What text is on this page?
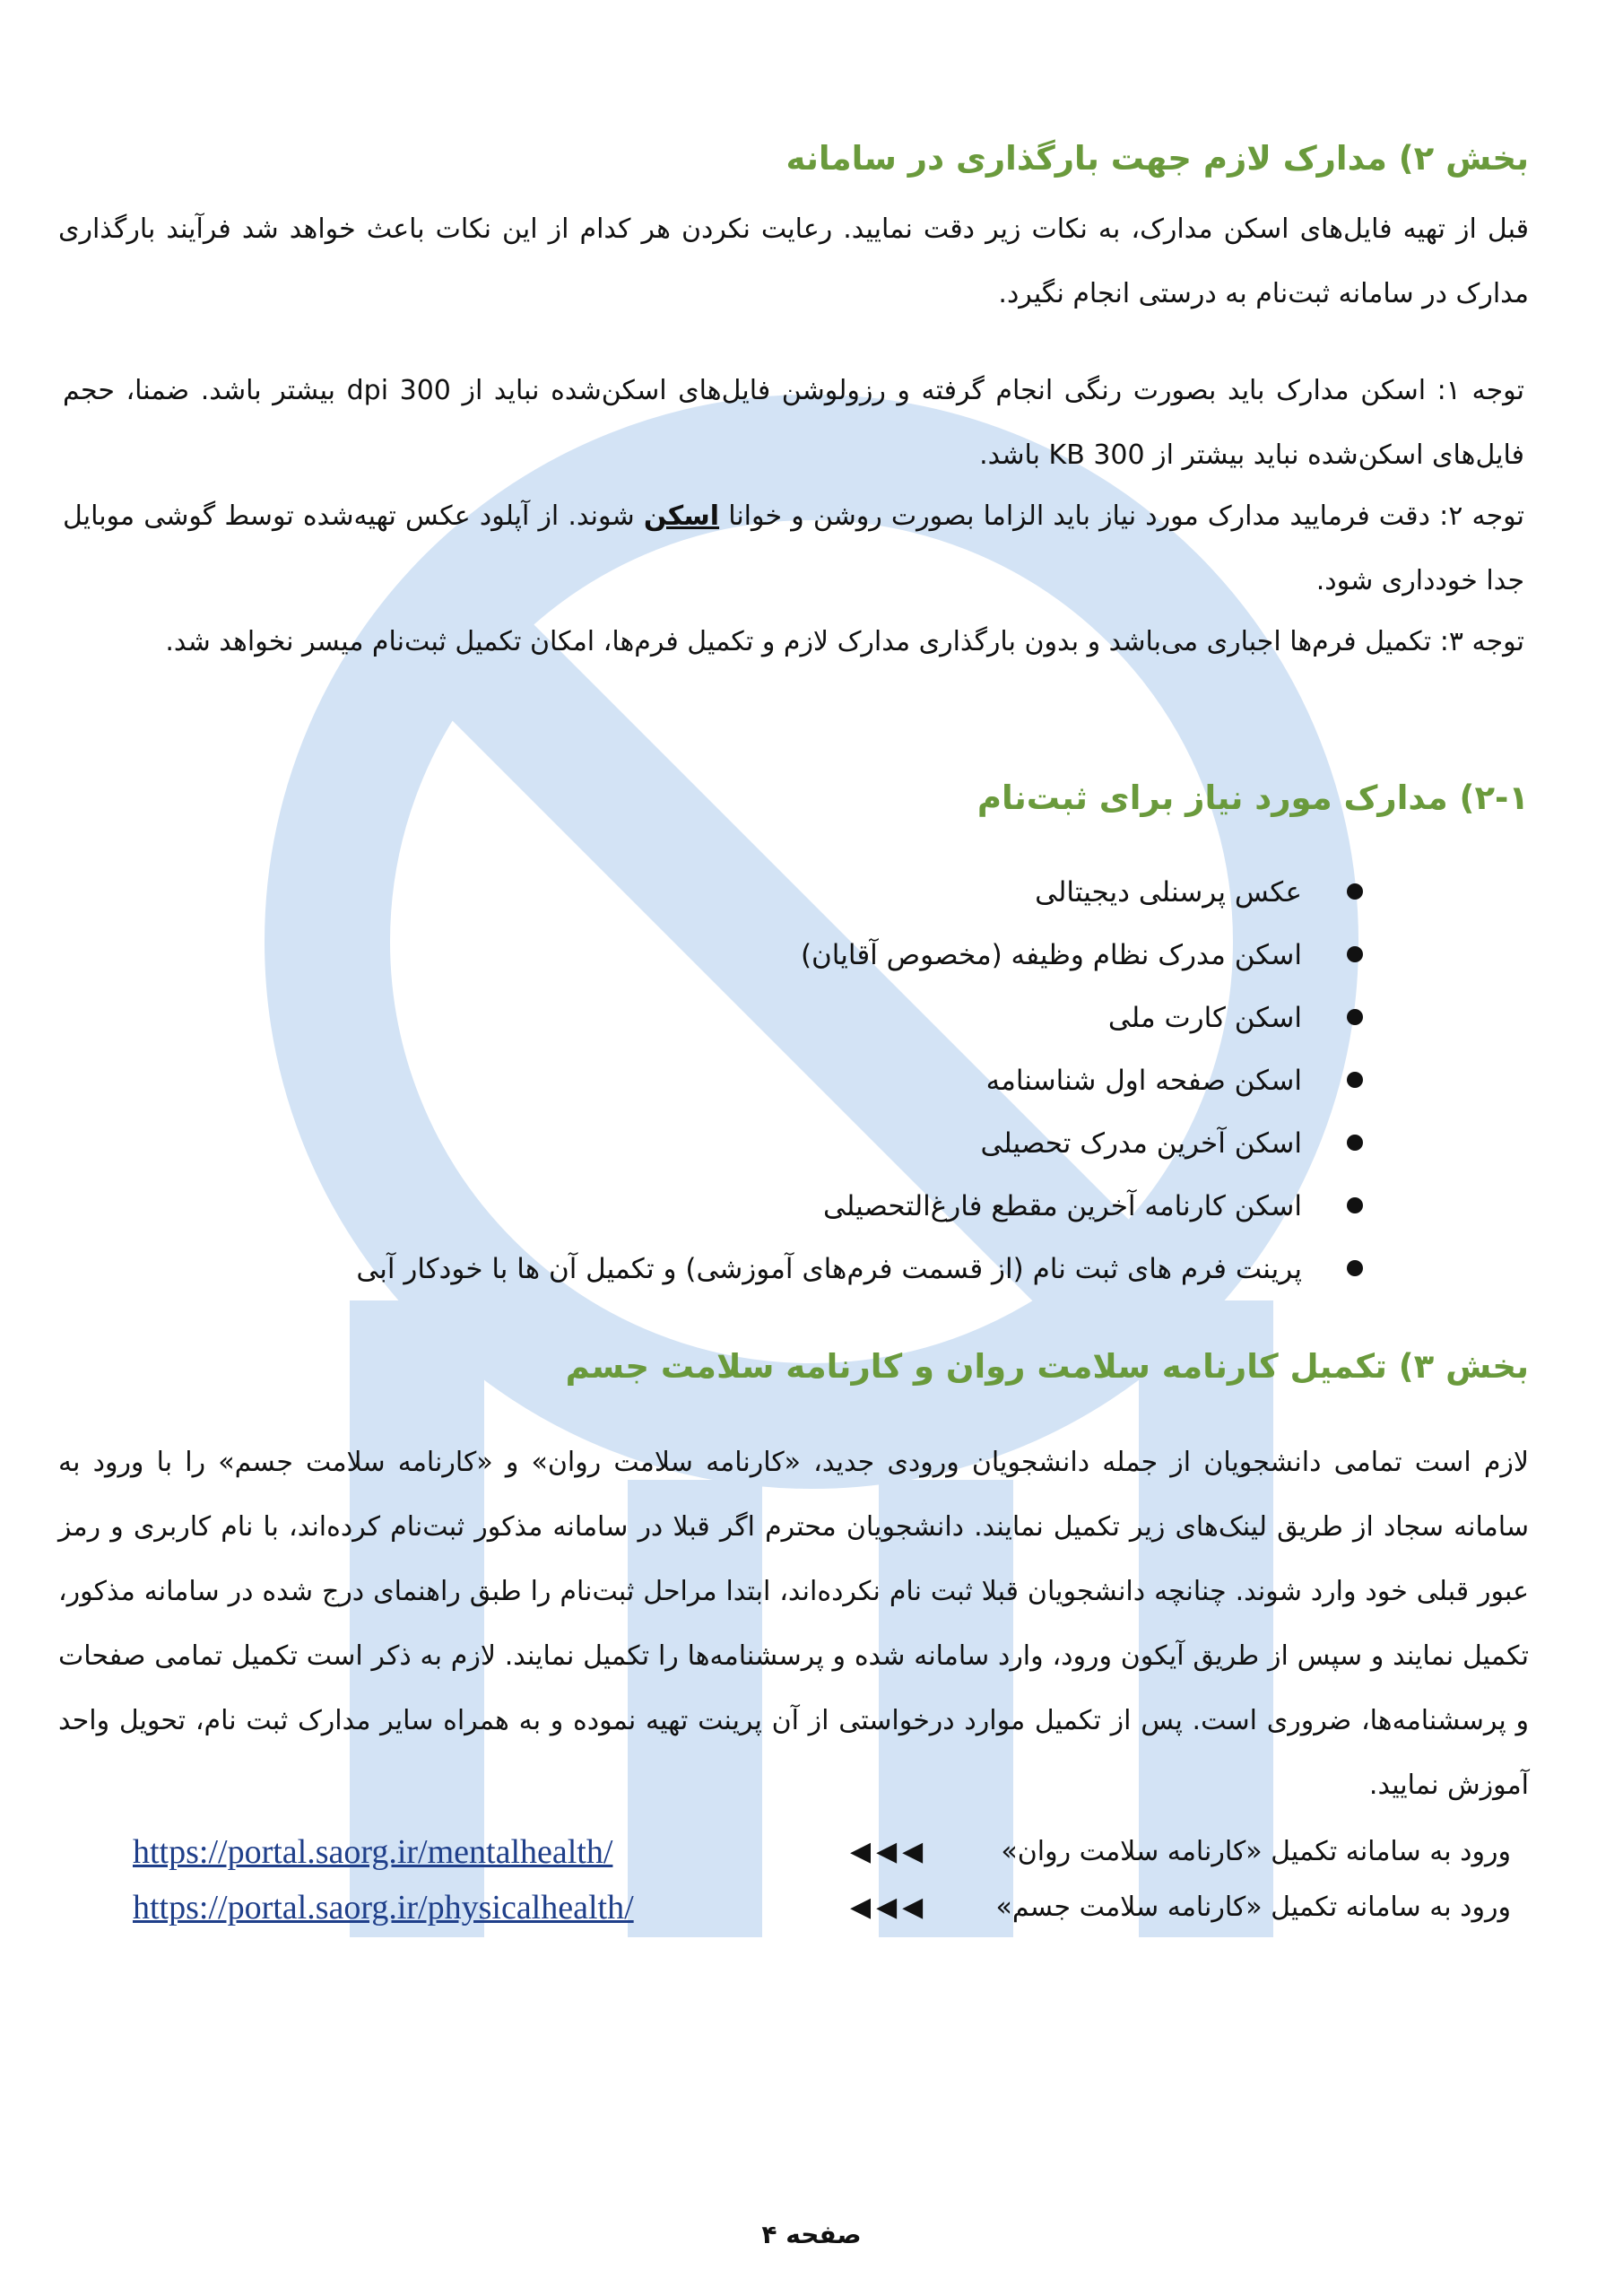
بخش ۲) مدارک لازم جهت بارگذاری در سامانه
قبل از تهیه فایل‌های اسکن مدارک، به نکات زیر دقت نمایید. رعایت نکردن هر کدام از این نکات باعث خواهد شد فرآیند بارگذاری مدارک در سامانه ثبت‌نام به درستی انجام نگیرد.
توجه ۱: اسکن مدارک باید بصورت رنگی انجام گرفته و رزولوشن فایل‌های اسکن‌شده نباید از 300 dpi بیشتر باشد. ضمنا، حجم فایل‌های اسکن‌شده نباید بیشتر از 300 KB باشد.
توجه ۲: دقت فرمایید مدارک مورد نیاز باید الزاما بصورت روشن و خوانا اسکن شوند. از آپلود عکس تهیه‌شده توسط گوشی موبایل جدا خودداری شود.
توجه ۳: تکمیل فرم‌ها اجباری می‌باشد و بدون بارگذاری مدارک لازم و تکمیل فرم‌ها، امکان تکمیل ثبت‌نام میسر نخواهد شد.
۲-۱) مدارک مورد نیاز برای ثبت‌نام
عکس پرسنلی دیجیتالی
اسکن مدرک نظام وظیفه (مخصوص آقایان)
اسکن کارت ملی
اسکن صفحه اول شناسنامه
اسکن آخرین مدرک تحصیلی
اسکن کارنامه آخرین مقطع فارغ‌التحصیلی
پرینت فرم های ثبت نام (از قسمت فرم‌های آموزشی) و تکمیل آن ها با خودکار آبی
بخش ۳) تکمیل کارنامه سلامت روان و کارنامه سلامت جسم
لازم است تمامی دانشجویان از جمله دانشجویان ورودی جدید، «کارنامه سلامت روان» و «کارنامه سلامت جسم» را با ورود به سامانه سجاد از طریق لینک‌های زیر تکمیل نمایند. دانشجویان محترم اگر قبلا در سامانه مذکور ثبت‌نام کرده‌اند، با نام کاربری و رمز عبور قبلی خود وارد شوند. چنانچه دانشجویان قبلا ثبت نام نکرده‌اند، ابتدا مراحل ثبت‌نام را طبق راهنمای درج شده در سامانه مذکور، تکمیل نمایند و سپس از طریق آیکون ورود، وارد سامانه شده و پرسشنامه‌ها را تکمیل نمایند. لازم به ذکر است تکمیل تمامی صفحات و پرسشنامه‌ها، ضروری است. پس از تکمیل موارد درخواستی از آن پرینت تهیه نموده و به همراه سایر مدارک ثبت نام، تحویل واحد آموزش نمایید.
ورود به سامانه تکمیل «کارنامه سلامت روان»
◀◀◀
https://portal.saorg.ir/mentalhealth/
ورود به سامانه تکمیل «کارنامه سلامت جسم»
◀◀◀
https://portal.saorg.ir/physicalhealth/
صفحه ۴
